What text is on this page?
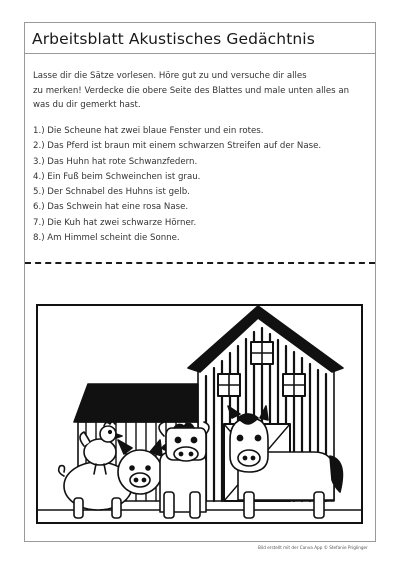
Arbeitsblatt Akustisches Gedächtnis
Lasse dir die Sätze vorlesen. Höre gut zu und versuche dir alles
zu merken! Verdecke die obere Seite des Blattes und male unten alles an
was du dir gemerkt hast.
1.) Die Scheune hat zwei blaue Fenster und ein rotes.
2.) Das Pferd ist braun mit einem schwarzen Streifen auf der Nase.
3.) Das Huhn hat rote Schwanzfedern.
4.) Ein Fuß beim Schweinchen ist grau.
5.) Der Schnabel des Huhns ist gelb.
6.) Das Schwein hat eine rosa Nase.
7.) Die Kuh hat zwei schwarze Hörner.
8.) Am Himmel scheint die Sonne.
Bild erstellt mit der Canva App © Stefanie Priglinger
